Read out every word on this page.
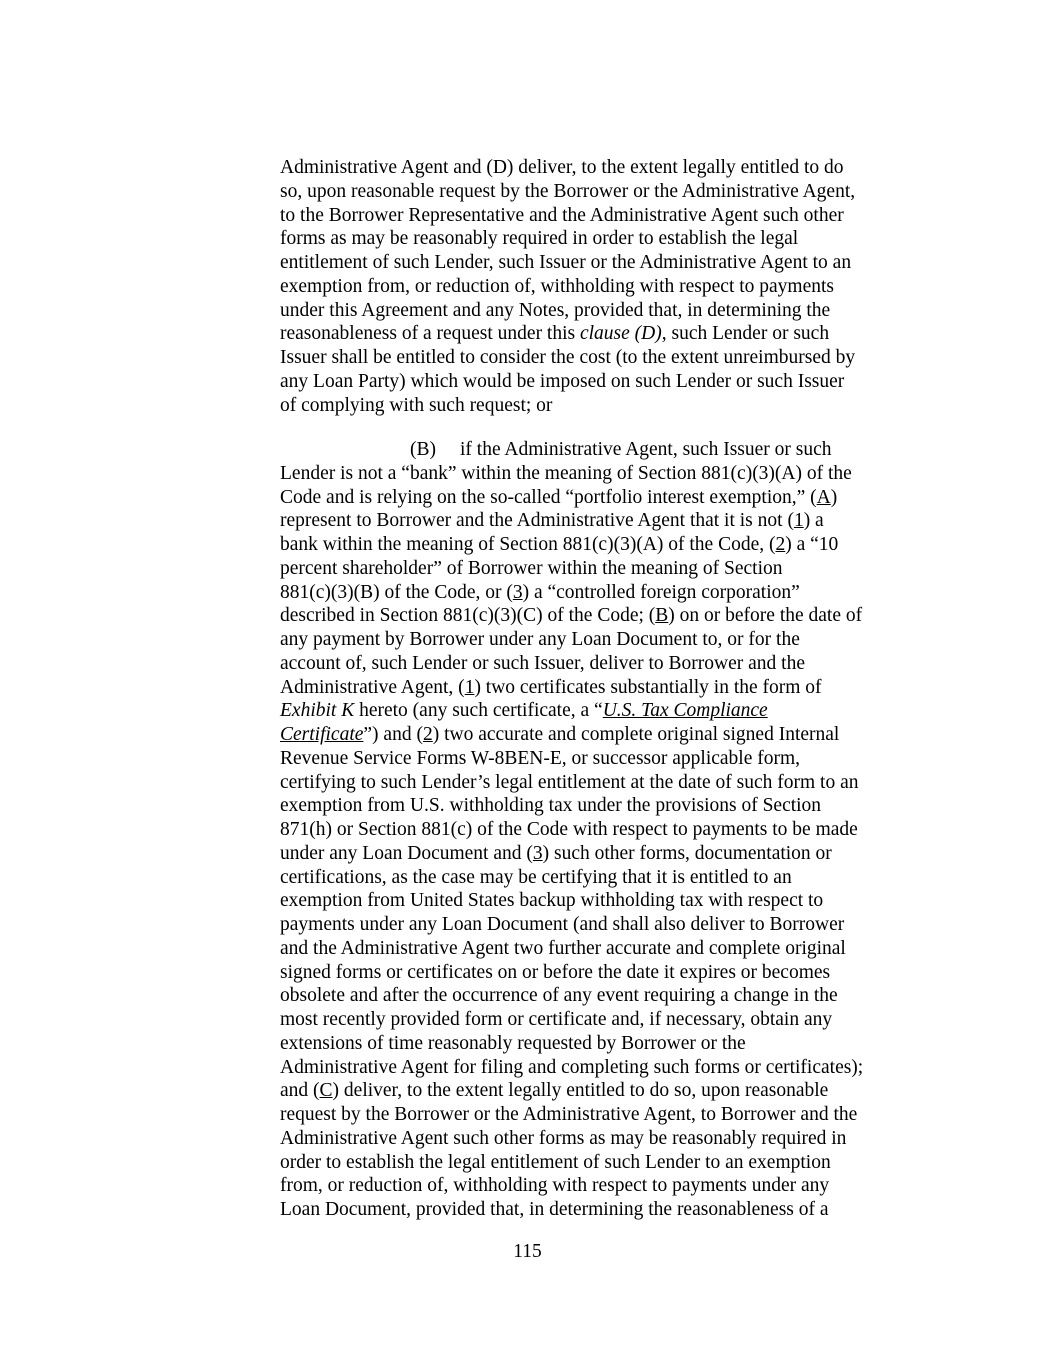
Administrative Agent and (D) deliver, to the extent legally entitled to do
so, upon reasonable request by the Borrower or the Administrative Agent,
to the Borrower Representative and the Administrative Agent such other
forms as may be reasonably required in order to establish the legal
entitlement of such Lender, such Issuer or the Administrative Agent to an
exemption from, or reduction of, withholding with respect to payments
under this Agreement and any Notes, provided that, in determining the
reasonableness of a request under this clause (D), such Lender or such
Issuer shall be entitled to consider the cost (to the extent unreimbursed by
any Loan Party) which would be imposed on such Lender or such Issuer
of complying with such request; or
(B) if the Administrative Agent, such Issuer or such
Lender is not a “bank” within the meaning of Section 881(c)(3)(A) of the
Code and is relying on the so-called “portfolio interest exemption,” (A)
represent to Borrower and the Administrative Agent that it is not (1) a
bank within the meaning of Section 881(c)(3)(A) of the Code, (2) a “10
percent shareholder” of Borrower within the meaning of Section
881(c)(3)(B) of the Code, or (3) a “controlled foreign corporation”
described in Section 881(c)(3)(C) of the Code; (B) on or before the date of
any payment by Borrower under any Loan Document to, or for the
account of, such Lender or such Issuer, deliver to Borrower and the
Administrative Agent, (1) two certificates substantially in the form of
Exhibit K hereto (any such certificate, a “U.S. Tax Compliance
Certificate”) and (2) two accurate and complete original signed Internal
Revenue Service Forms W-8BEN-E, or successor applicable form,
certifying to such Lender’s legal entitlement at the date of such form to an
exemption from U.S. withholding tax under the provisions of Section
871(h) or Section 881(c) of the Code with respect to payments to be made
under any Loan Document and (3) such other forms, documentation or
certifications, as the case may be certifying that it is entitled to an
exemption from United States backup withholding tax with respect to
payments under any Loan Document (and shall also deliver to Borrower
and the Administrative Agent two further accurate and complete original
signed forms or certificates on or before the date it expires or becomes
obsolete and after the occurrence of any event requiring a change in the
most recently provided form or certificate and, if necessary, obtain any
extensions of time reasonably requested by Borrower or the
Administrative Agent for filing and completing such forms or certificates);
and (C) deliver, to the extent legally entitled to do so, upon reasonable
request by the Borrower or the Administrative Agent, to Borrower and the
Administrative Agent such other forms as may be reasonably required in
order to establish the legal entitlement of such Lender to an exemption
from, or reduction of, withholding with respect to payments under any
Loan Document, provided that, in determining the reasonableness of a
115
